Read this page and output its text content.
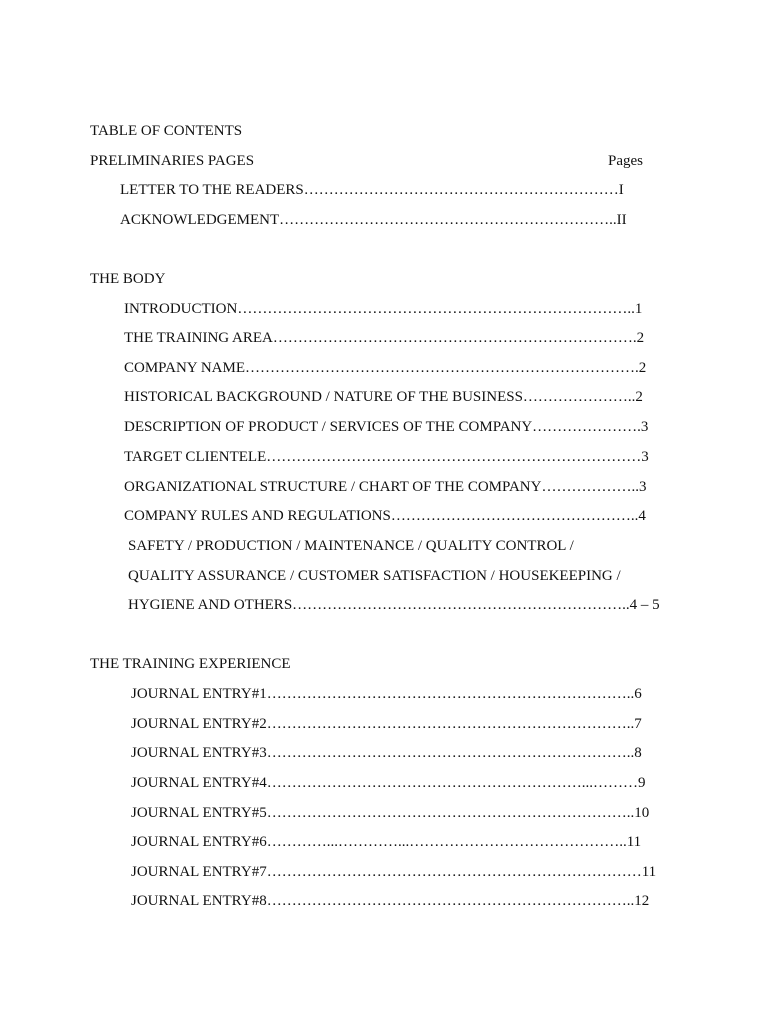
TABLE OF CONTENTS
PRELIMINARIES PAGES	Pages
LETTER TO THE READERS………………………………………………………I
ACKNOWLEDGEMENT…………………………………………………………..II
THE BODY
INTRODUCTION……………………………………………………………………..1
THE TRAINING AREA……………………………………………………………….2
COMPANY NAME…………………………………………………………………….2
HISTORICAL BACKGROUND / NATURE OF THE BUSINESS…………………..2
DESCRIPTION OF PRODUCT / SERVICES OF THE COMPANY………………….3
TARGET CLIENTELE…………………………………………………………………3
ORGANIZATIONAL STRUCTURE / CHART OF THE COMPANY………………..3
COMPANY RULES AND REGULATIONS…………………………………………..4
SAFETY / PRODUCTION / MAINTENANCE / QUALITY CONTROL /
QUALITY ASSURANCE / CUSTOMER SATISFACTION / HOUSEKEEPING /
HYGIENE AND OTHERS…………………………………………………………..4 – 5
THE TRAINING EXPERIENCE
JOURNAL ENTRY#1………………………………………………………………..6
JOURNAL ENTRY#2………………………………………………………………..7
JOURNAL ENTRY#3………………………………………………………………..8
JOURNAL ENTRY#4………………………………………………………...………9
JOURNAL ENTRY#5………………………………………………………………..10
JOURNAL ENTRY#6…………...…………...……………………………………..11
JOURNAL ENTRY#7…………………………………………………………………11
JOURNAL ENTRY#8………………………………………………………………..12
